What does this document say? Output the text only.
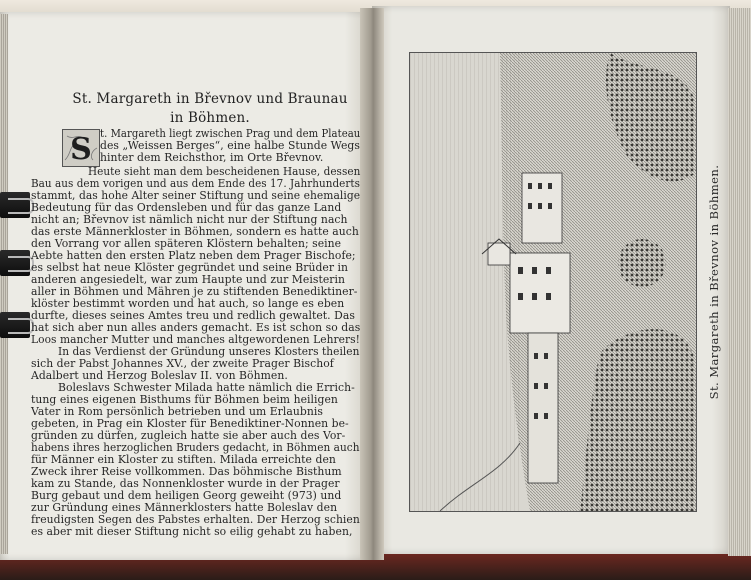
St. Margareth in Břevnov und Braunau
in Böhmen.
S t. Margareth liegt zwischen Prag und dem Plateau
des „Weissen Berges“, eine halbe Stunde Wegs
hinter dem Reichsthor, im Orte Břevnov.
Heute sieht man dem bescheidenen Hause, dessen
Bau aus dem vorigen und aus dem Ende des 17. Jahrhunderts
stammt, das hohe Alter seiner Stiftung und seine ehemalige
Bedeutung für das Ordensleben und für das ganze Land
nicht an; Břevnov ist nämlich nicht nur der Stiftung nach
das erste Männerkloster in Böhmen, sondern es hatte auch
den Vorrang vor allen späteren Klöstern behalten; seine
Aebte hatten den ersten Platz neben dem Prager Bischofe;
es selbst hat neue Klöster gegründet und seine Brüder in
anderen angesiedelt, war zum Haupte und zur Meisterin
aller in Böhmen und Mähren je zu stiftenden Benediktiner-
klöster bestimmt worden und hat auch, so lange es eben
durfte, dieses seines Amtes treu und redlich gewaltet. Das
hat sich aber nun alles anders gemacht. Es ist schon so das
Loos mancher Mutter und manches altgewordenen Lehrers!
In das Verdienst der Gründung unseres Klosters theilen
sich der Pabst Johannes XV., der zweite Prager Bischof
Adalbert und Herzog Boleslav II. von Böhmen.
Boleslavs Schwester Milada hatte nämlich die Errich-
tung eines eigenen Bisthums für Böhmen beim heiligen
Vater in Rom persönlich betrieben und um Erlaubnis
gebeten, in Prag ein Kloster für Benediktiner-Nonnen be-
gründen zu dürfen, zugleich hatte sie aber auch des Vor-
habens ihres herzoglichen Bruders gedacht, in Böhmen auch
für Männer ein Kloster zu stiften. Milada erreichte den
Zweck ihrer Reise vollkommen. Das böhmische Bisthum
kam zu Stande, das Nonnenkloster wurde in der Prager
Burg gebaut und dem heiligen Georg geweiht (973) und
zur Gründung eines Männerklosters hatte Boleslav den
freudigsten Segen des Pabstes erhalten. Der Herzog schien
es aber mit dieser Stiftung nicht so eilig gehabt zu haben,
St. Margareth in Břevnov in Böhmen.
